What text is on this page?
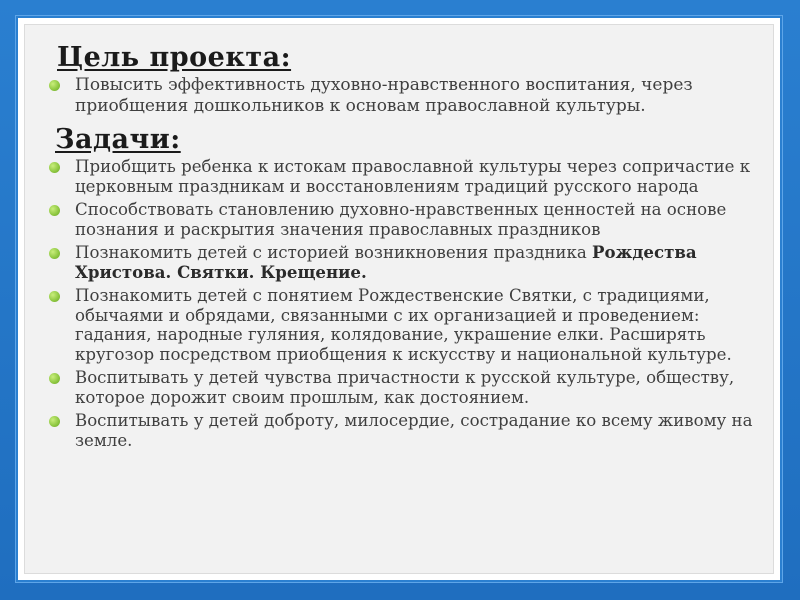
Цель проекта:
Повысить эффективность духовно-нравственного воспитания, через приобщения дошкольников к основам православной культуры.
Задачи:
Приобщить ребенка к истокам православной культуры через сопричастие к церковным праздникам и восстановлениям традиций русского народа
Способствовать становлению духовно-нравственных ценностей на основе познания и раскрытия значения православных праздников
Познакомить детей с историей возникновения праздника Рождества Христова. Святки. Крещение.
Познакомить детей с понятием Рождественские Святки, с традициями, обычаями и обрядами, связанными с их организацией и проведением: гадания, народные гуляния, колядование, украшение елки. Расширять кругозор посредством приобщения к искусству и национальной культуре.
Воспитывать у детей чувства причастности к русской культуре, обществу, которое дорожит своим прошлым, как достоянием.
Воспитывать у детей доброту, милосердие, сострадание ко всему живому на земле.
